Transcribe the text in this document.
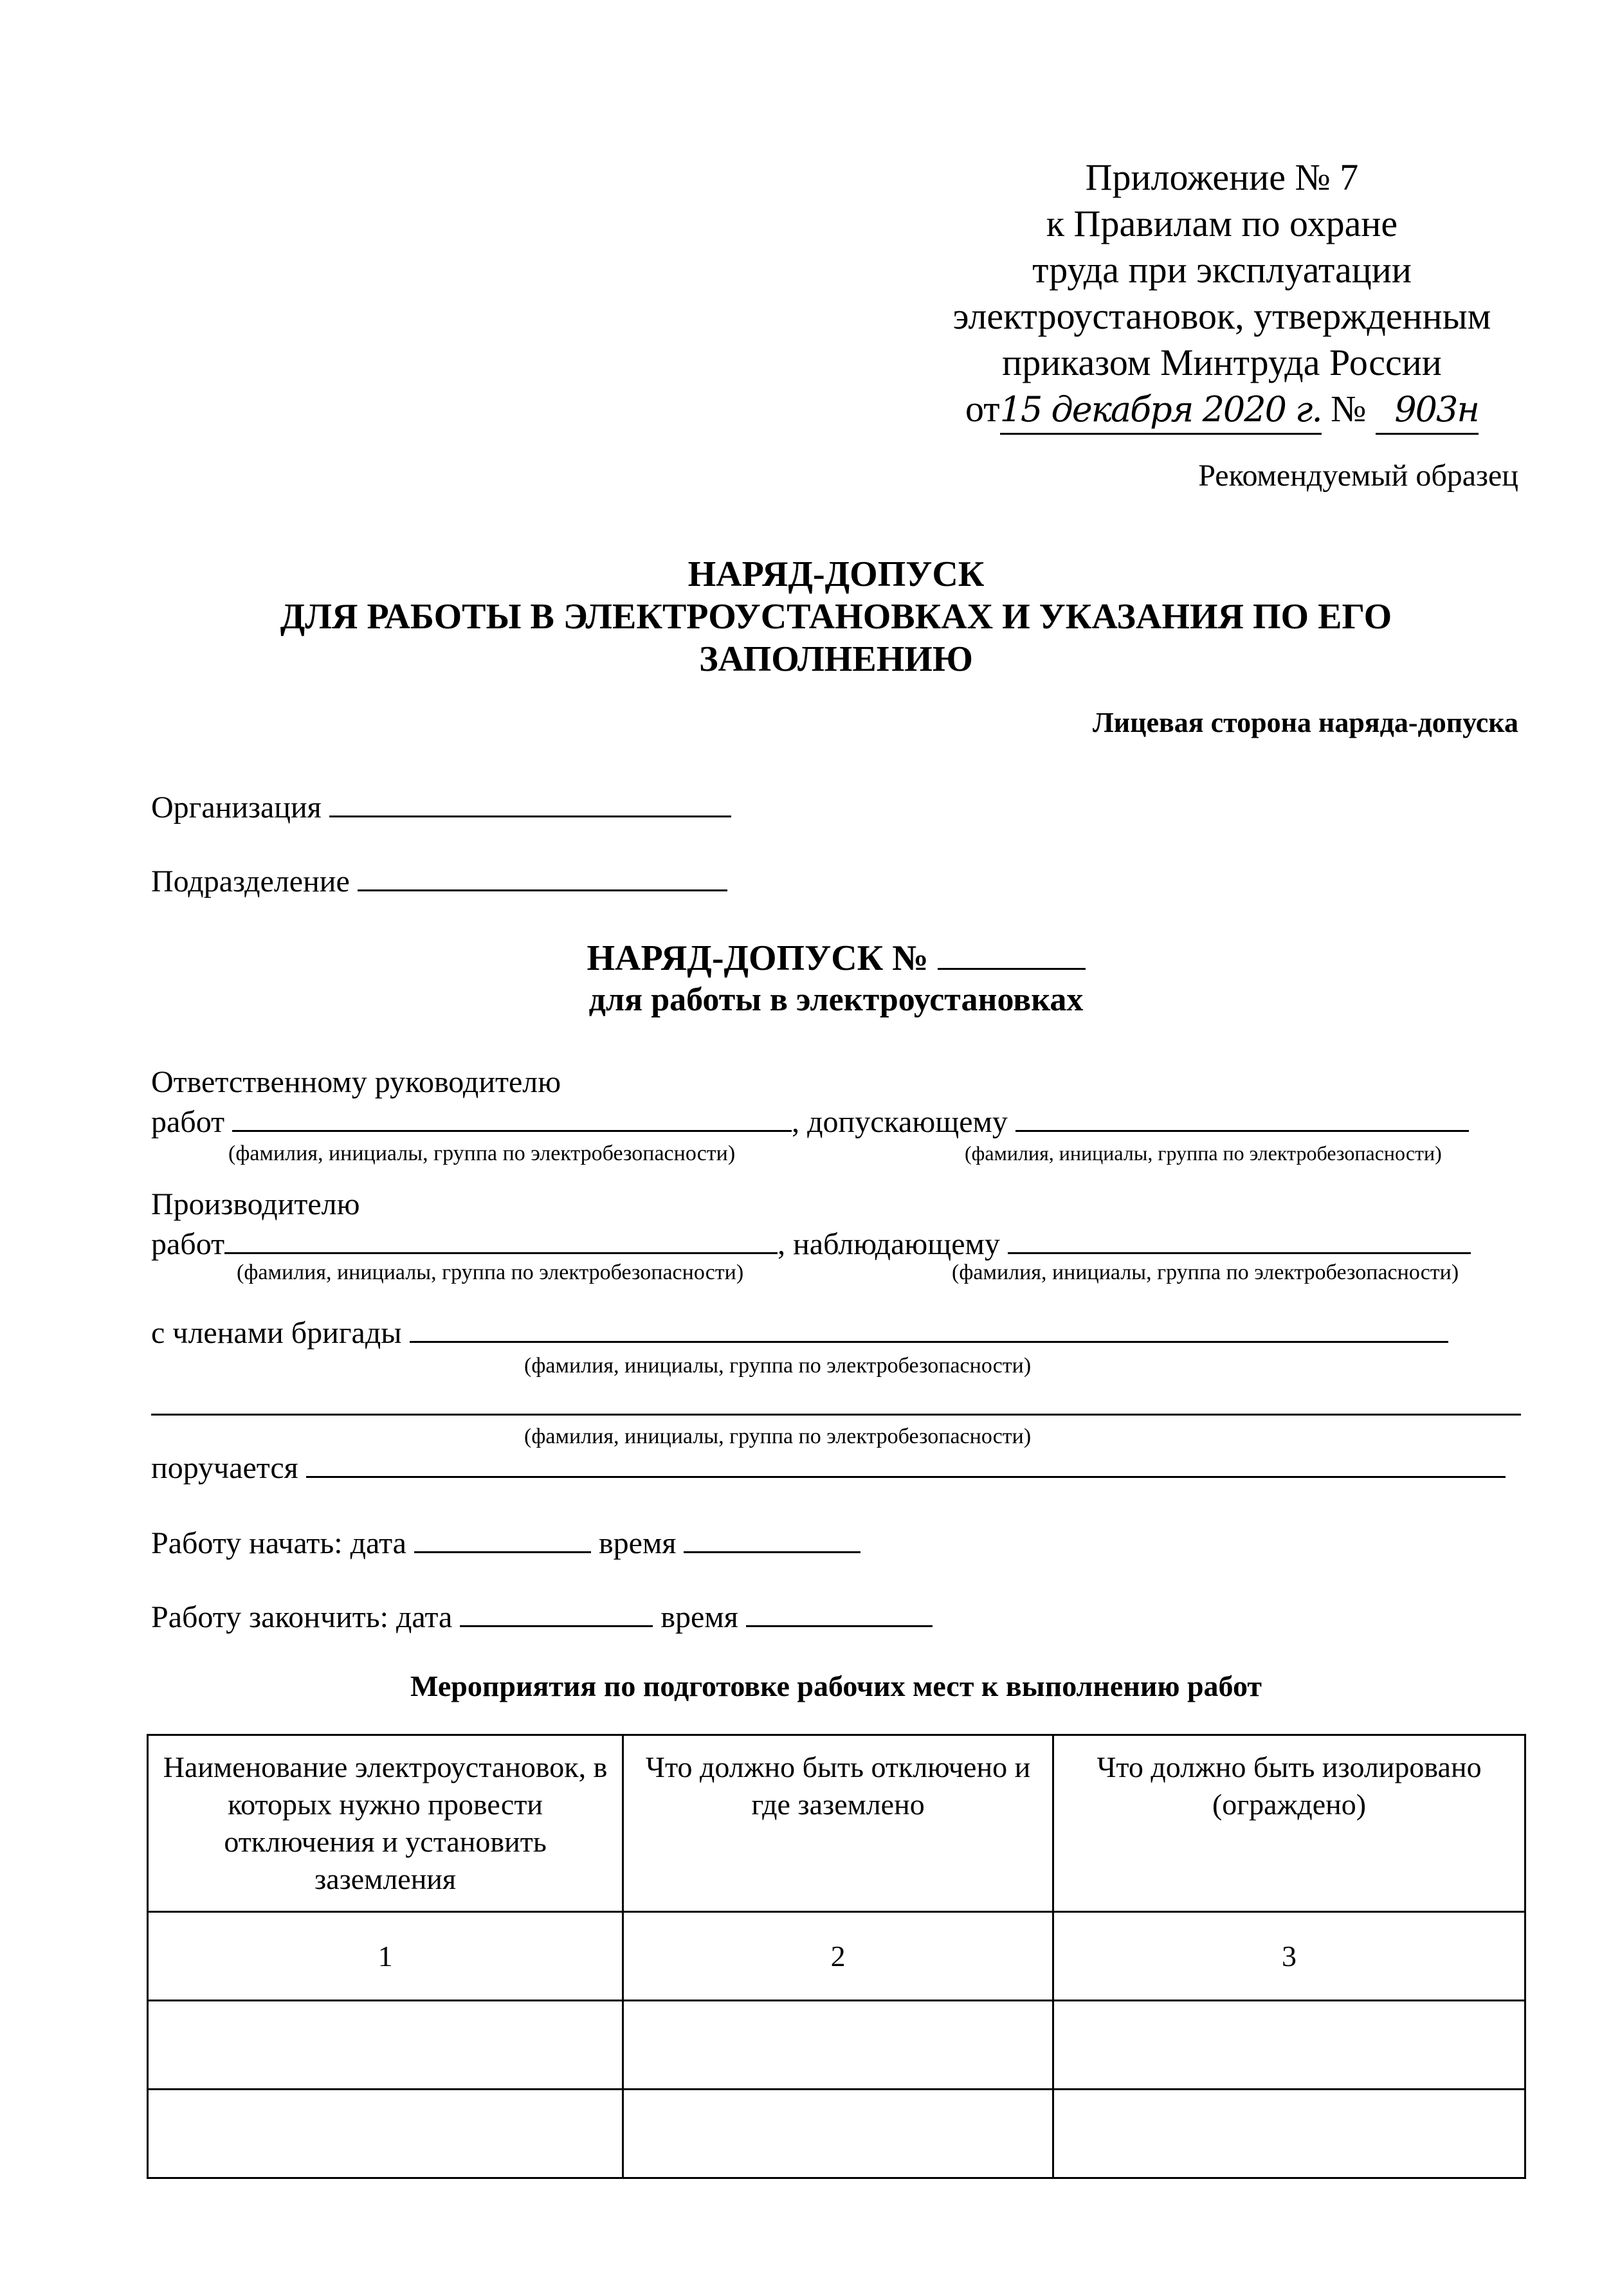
Приложение № 7
к Правилам по охране
труда при эксплуатации
электроустановок, утвержденным
приказом Минтруда России
от15 декабря 2020 г. № 903н
Рекомендуемый образец
НАРЯД-ДОПУСК
ДЛЯ РАБОТЫ В ЭЛЕКТРОУСТАНОВКАХ И УКАЗАНИЯ ПО ЕГО
ЗАПОЛНЕНИЮ
Лицевая сторона наряда-допуска
Организация
Подразделение
НАРЯД-ДОПУСК №
для работы в электроустановках
Ответственному руководителю
работ	, допускающему
(фамилия, инициалы, группа по электробезопасности)	(фамилия, инициалы, группа по электробезопасности)
Производителю
работ	, наблюдающему
(фамилия, инициалы, группа по электробезопасности)	(фамилия, инициалы, группа по электробезопасности)
с членами бригады
(фамилия, инициалы, группа по электробезопасности)
(фамилия, инициалы, группа по электробезопасности)
поручается
Работу начать: дата	время
Работу закончить: дата	время
Мероприятия по подготовке рабочих мест к выполнению работ
Наименование электроустановок, в которых нужно провести отключения и установить заземления	Что должно быть отключено и где заземлено	Что должно быть изолировано (ограждено)
1	2	3
